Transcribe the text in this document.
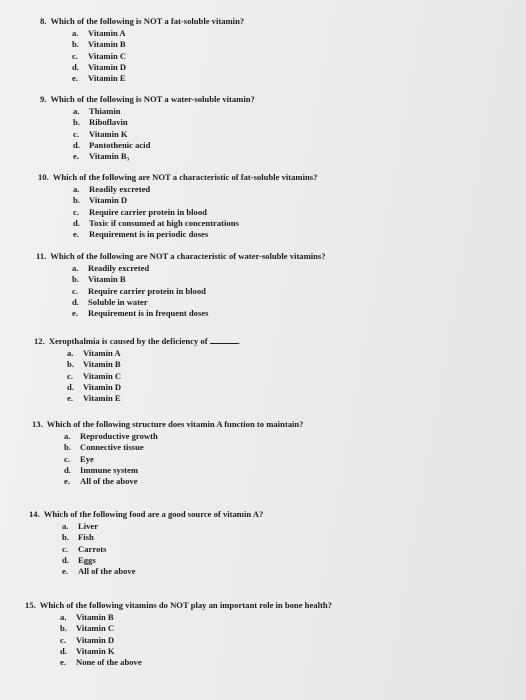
8. Which of the following is NOT a fat-soluble vitamin?
a. Vitamin A
b. Vitamin B
c. Vitamin C
d. Vitamin D
e. Vitamin E
9. Which of the following is NOT a water-soluble vitamin?
a. Thiamin
b. Riboflavin
c. Vitamin K
d. Pantothenic acid
e. Vitamin B₃
10. Which of the following are NOT a characteristic of fat-soluble vitamins?
a. Readily excreted
b. Vitamin D
c. Require carrier protein in blood
d. Toxic if consumed at high concentrations
e. Requirement is in periodic doses
11. Which of the following are NOT a characteristic of water-soluble vitamins?
a. Readily excreted
b. Vitamin B
c. Require carrier protein in blood
d. Soluble in water
e. Requirement is in frequent doses
12. Xeropthalmia is caused by the deficiency of	.
a. Vitamin A
b. Vitamin B
c. Vitamin C
d. Vitamin D
e. Vitamin E
13. Which of the following structure does vitamin A function to maintain?
a. Reproductive growth
b. Connective tissue
c. Eye
d. Immune system
e. All of the above
14. Which of the following food are a good source of vitamin A?
a. Liver
b. Fish
c. Carrots
d. Eggs
e. All of the above
15. Which of the following vitamins do NOT play an important role in bone health?
a. Vitamin B
b. Vitamin C
c. Vitamin D
d. Vitamin K
e. None of the above
